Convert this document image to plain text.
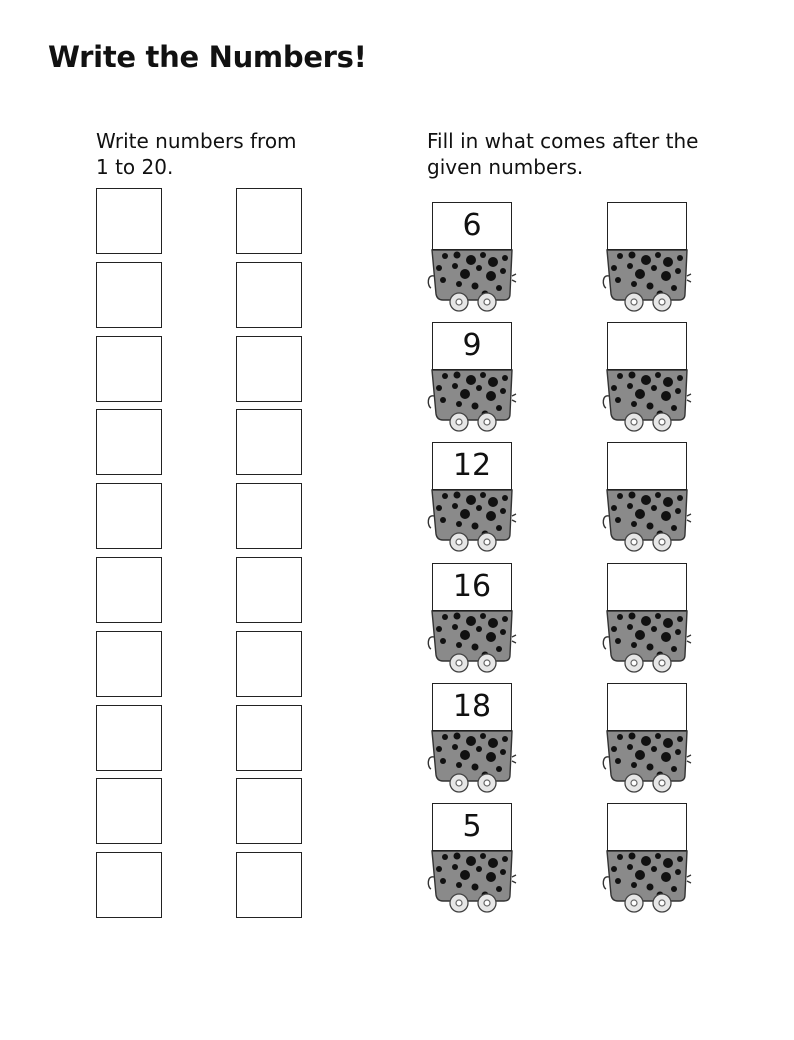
Write the Numbers!
Write numbers from
1 to 20.
Fill in what comes after the
given numbers.
6
9
12
16
18
5
